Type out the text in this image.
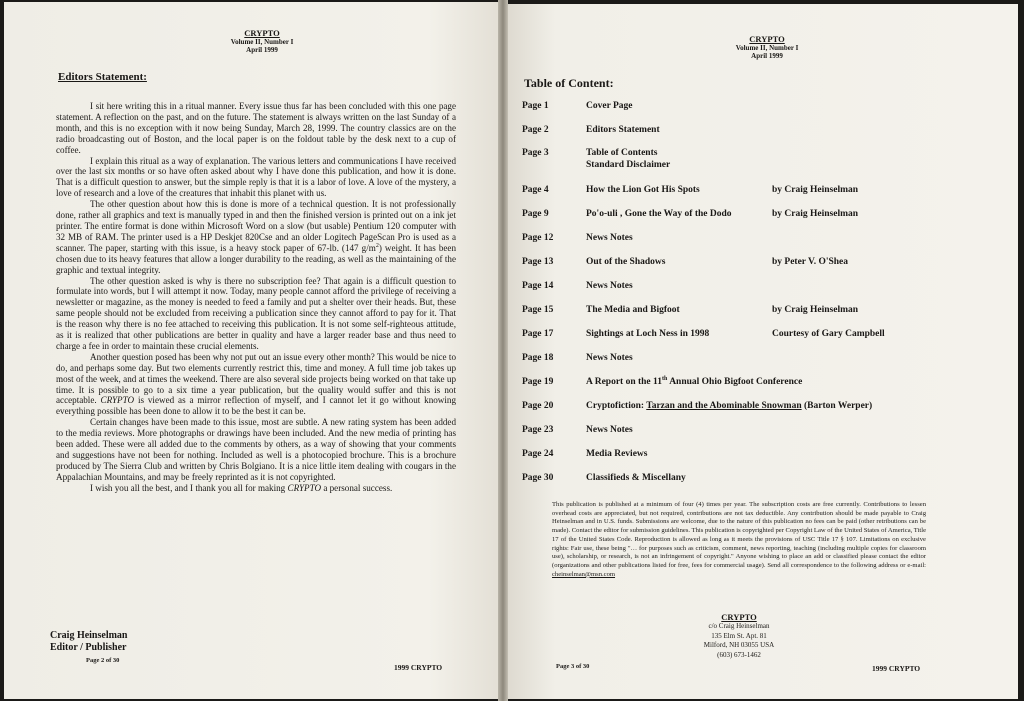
CRYPTO
Volume II, Number I
April 1999
Editors Statement:

I sit here writing this in a ritual manner. Every issue thus far has been concluded with this one page statement. A reflection on the past, and on the future. The statement is always written on the last Sunday of a month, and this is no exception with it now being Sunday, March 28, 1999. The country classics are on the radio broadcasting out of Boston, and the local paper is on the foldout table by the desk next to a cup of coffee.

I explain this ritual as a way of explanation. The various letters and communications I have received over the last six months or so have often asked about why I have done this publication, and how it is done. That is a difficult question to answer, but the simple reply is that it is a labor of love. A love of the mystery, a love of research and a love of the creatures that inhabit this planet with us.

The other question about how this is done is more of a technical question. It is not professionally done, rather all graphics and text is manually typed in and then the finished version is printed out on a ink jet printer. The entire format is done within Microsoft Word on a slow (but usable) Pentium 120 computer with 32 MB of RAM. The printer used is a HP Deskjet 820Cse and an older Logitech PageScan Pro is used as a scanner. The paper, starting with this issue, is a heavy stock paper of 67-lb. (147 $g/m^2$) weight. It has been chosen due to its heavy features that allow a longer durability to the reading, as well as the maintaining of the graphic and textual integrity.

The other question asked is why is there no subscription fee? That again is a difficult question to formulate into words, but I will attempt it now. Today, many people cannot afford the privilege of receiving a newsletter or magazine, as the money is needed to feed a family and put a shelter over their heads. But, these same people should not be excluded from receiving a publication since they cannot afford to pay for it. That is the reason why there is no fee attached to receiving this publication. It is not some self-righteous attitude, as it is realized that other publications are better in quality and have a larger reader base and thus need to charge a fee in order to maintain these crucial elements.

Another question posed has been why not put out an issue every other month? This would be nice to do, and perhaps some day. But two elements currently restrict this, time and money. A full time job takes up most of the week, and at times the weekend. There are also several side projects being worked on that take up time. It is possible to go to a six time a year publication, but the quality would suffer and this is not acceptable. CRYPTO is viewed as a mirror reflection of myself, and I cannot let it go without knowing everything possible has been done to allow it to be the best it can be.

Certain changes have been made to this issue, most are subtle. A new rating system has been added to the media reviews. More photographs or drawings have been included. And the new media of printing has been added. These were all added due to the comments by others, as a way of showing that your comments and suggestions have not been for nothing. Included as well is a photocopied brochure. This is a brochure produced by The Sierra Club and written by Chris Bolgiano. It is a nice little item dealing with cougars in the Appalachian Mountains, and may be freely reprinted as it is not copyrighted.

I wish you all the best, and I thank you all for making CRYPTO a personal success.

Craig Heinselman
Editor / Publisher
Page 2 of 30
1999 CRYPTO
CRYPTO
Volume II, Number I
April 1999
Table of Content:
Page 1	Cover Page
Page 2	Editors Statement
Page 3	Table of Contents
Standard Disclaimer
Page 4	How the Lion Got His Spots	by Craig Heinselman
Page 9	Po'o-uli , Gone the Way of the Dodo	by Craig Heinselman
Page 12	News Notes
Page 13	Out of the Shadows	by Peter V. O'Shea
Page 14	News Notes
Page 15	The Media and Bigfoot	by Craig Heinselman
Page 17	Sightings at Loch Ness in 1998	Courtesy of Gary Campbell
Page 18	News Notes
Page 19	A Report on the 11th Annual Ohio Bigfoot Conference
Page 20	Cryptofiction: Tarzan and the Abominable Snowman (Barton Werper)
Page 23	News Notes
Page 24	Media Reviews
Page 30	Classifieds & Miscellany
This publication is published at a minimum of four (4) times per year. The subscription costs are free currently. Contributions to lessen overhead costs are appreciated, but not required, contributions are not tax deductible. Any contribution should be made payable to Craig Heinselman and in U.S. funds. Submissions are welcome, due to the nature of this publication no fees can be paid (other retributions can be made). Contact the editor for submission guidelines. This publication is copyrighted per Copyright Law of the United States of America, Title 17 of the United States Code. Reproduction is allowed as long as it meets the provisions of USC Title 17 § 107. Limitations on exclusive rights: Fair use, these being "… for purposes such as criticism, comment, news reporting, teaching (including multiple copies for classroom use), scholarship, or research, is not an infringement of copyright." Anyone wishing to place an add or classified please contact the editor (organizations and other publications listed for free, fees for commercial usage). Send all correspondence to the following address or e-mail: cheinselman@msn.com
CRYPTO
c/o Craig Heinselman
135 Elm St. Apt. 81
Milford, NH 03055 USA
(603) 673-1462
Page 3 of 30	1999 CRYPTO
